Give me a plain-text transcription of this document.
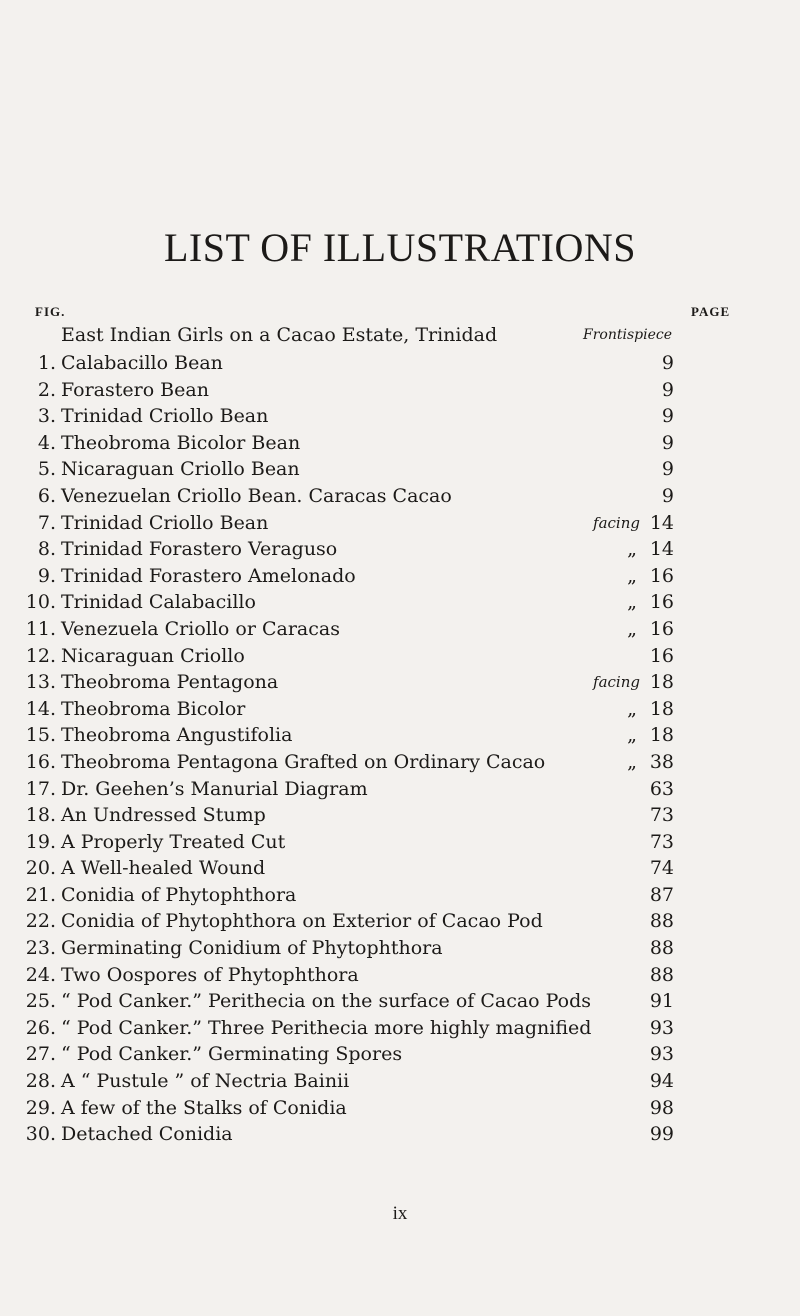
LIST OF ILLUSTRATIONS
FIG.	PAGE
East Indian Girls on a Cacao Estate, Trinidad	Frontispiece
1. Calabacillo Bean	9
2. Forastero Bean	9
3. Trinidad Criollo Bean	9
4. Theobroma Bicolor Bean	9
5. Nicaraguan Criollo Bean	9
6. Venezuelan Criollo Bean. Caracas Cacao	9
7. Trinidad Criollo Bean	facing 14
8. Trinidad Forastero Veraguso	„ 14
9. Trinidad Forastero Amelonado	„ 16
10. Trinidad Calabacillo	„ 16
11. Venezuela Criollo or Caracas	„ 16
12. Nicaraguan Criollo	16
13. Theobroma Pentagona	facing 18
14. Theobroma Bicolor	„ 18
15. Theobroma Angustifolia	„ 18
16. Theobroma Pentagona Grafted on Ordinary Cacao	„ 38
17. Dr. Geehen’s Manurial Diagram	63
18. An Undressed Stump	73
19. A Properly Treated Cut	73
20. A Well-healed Wound	74
21. Conidia of Phytophthora	87
22. Conidia of Phytophthora on Exterior of Cacao Pod	88
23. Germinating Conidium of Phytophthora	88
24. Two Oospores of Phytophthora	88
25. “ Pod Canker.” Perithecia on the surface of Cacao Pods	91
26. “ Pod Canker.” Three Perithecia more highly magnified	93
27. “ Pod Canker.” Germinating Spores	93
28. A “ Pustule ” of Nectria Bainii	94
29. A few of the Stalks of Conidia	98
30. Detached Conidia	99
ix
